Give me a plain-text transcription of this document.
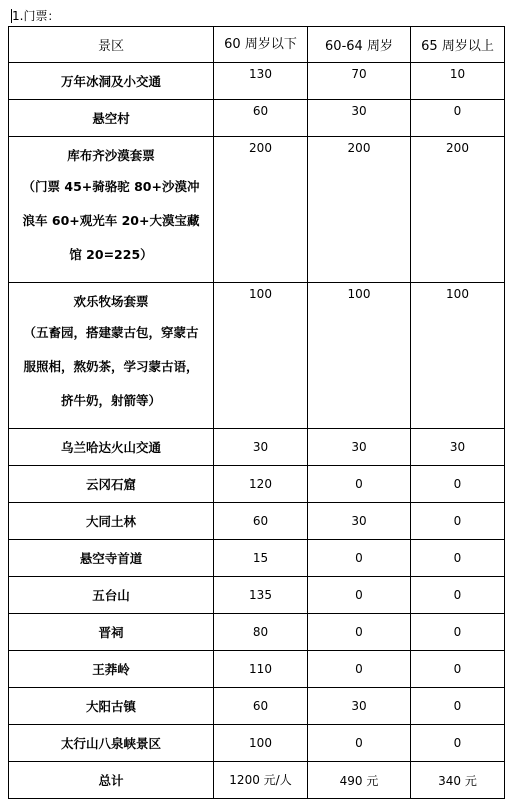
1.门票：
景区	60 周岁以下	60-64 周岁	65 周岁以上
万年冰洞及小交通	130	70	10
悬空村	60	30	0

库布齐沙漠套票
（门票 45+骑骆驼 80+沙漠冲
浪车 60+观光车 20+大漠宝藏
馆 20=225）	200	200	200

欢乐牧场套票
（五畜园，搭建蒙古包，穿蒙古
服照相，熬奶茶，学习蒙古语，
挤牛奶，射箭等）	100	100	100
乌兰哈达火山交通	30	30	30
云冈石窟	120	0	0
大同土林	60	30	0
悬空寺首道	15	0	0
五台山	135	0	0
晋祠	80	0	0
王莽岭	110	0	0
大阳古镇	60	30	0
太行山八泉峡景区	100	0	0
总计	1200 元/人	490 元	340 元
